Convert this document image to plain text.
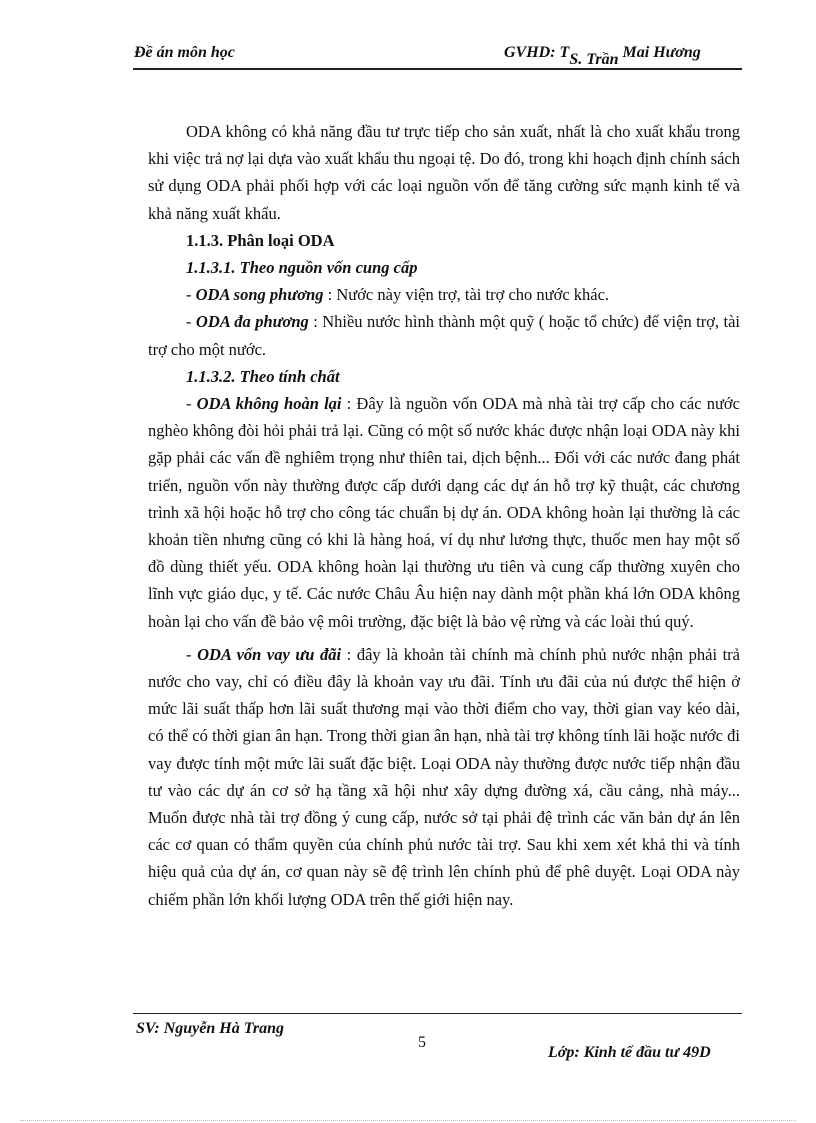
Đề án môn học	GVHD: TS. Trần Mai Hương

ODA không có khả năng đầu tư trực tiếp cho sản xuất, nhất là cho xuất khẩu trong khi việc trả nợ lại dựa vào xuất khẩu thu ngoại tệ. Do đó, trong khi hoạch định chính sách sử dụng ODA phải phối hợp với các loại nguồn vốn để tăng cường sức mạnh kinh tế và khả năng xuất khẩu.

1.1.3. Phân loại ODA

1.1.3.1. Theo nguồn vốn cung cấp

- ODA song phương : Nước này viện trợ, tài trợ cho nước khác.

- ODA đa phương : Nhiều nước hình thành một quỹ ( hoặc tổ chức) để viện trợ, tài trợ cho một nước.

1.1.3.2. Theo tính chất

- ODA không hoàn lại : Đây là nguồn vốn ODA mà nhà tài trợ cấp cho các nước nghèo không đòi hỏi phải trả lại. Cũng có một số nước khác được nhận loại ODA này khi gặp phải các vấn đề nghiêm trọng như thiên tai, dịch bệnh... Đối với các nước đang phát triển, nguồn vốn này thường được cấp dưới dạng các dự án hỗ trợ kỹ thuật, các chương trình xã hội hoặc hỗ trợ cho công tác chuẩn bị dự án. ODA không hoàn lại thường là các khoản tiền nhưng cũng có khi là hàng hoá, ví dụ như lương thực, thuốc men hay một số đồ dùng thiết yếu. ODA không hoàn lại thường ưu tiên và cung cấp thường xuyên cho lĩnh vực giáo dục, y tế. Các nước Châu Âu hiện nay dành một phần khá lớn ODA không hoàn lại cho vấn đề bảo vệ môi trường, đặc biệt là bảo vệ rừng và các loài thú quý.

- ODA vốn vay ưu đãi : đây là khoản tài chính mà chính phủ nước nhận phải trả nước cho vay, chỉ có điều đây là khoản vay ưu đãi. Tính ưu đãi của nú được thể hiện ở mức lãi suất thấp hơn lãi suất thương mại vào thời điểm cho vay, thời gian vay kéo dài, có thể có thời gian ân hạn. Trong thời gian ân hạn, nhà tài trợ không tính lãi hoặc nước đi vay được tính một mức lãi suất đặc biệt. Loại ODA này thường được nước tiếp nhận đầu tư vào các dự án cơ sở hạ tầng xã hội như xây dựng đường xá, cầu cảng, nhà máy... Muốn được nhà tài trợ đồng ý cung cấp, nước sở tại phải đệ trình các văn bản dự án lên các cơ quan có thẩm quyền của chính phủ nước tài trợ. Sau khi xem xét khả thi và tính hiệu quả của dự án, cơ quan này sẽ đệ trình lên chính phủ để phê duyệt. Loại ODA này chiếm phần lớn khối lượng ODA trên thế giới hiện nay.

SV: Nguyễn Hà Trang
5
Lớp: Kinh tế đầu tư 49D
